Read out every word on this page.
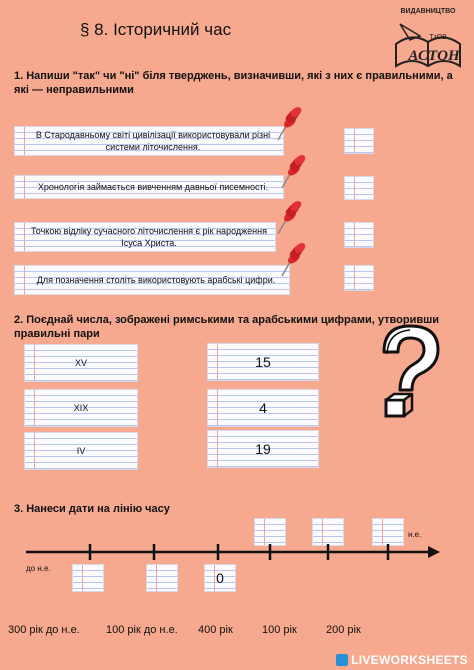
§ 8. Історичний час
ВИДАВНИЦТВО
ТзОВ
АСТОН
1. Напиши "так" чи "ні" біля тверджень, визначивши, які з них є правильними, а які — неправильними
В Стародавньому світі цивілізації використовували різні системи літочислення.
Хронологія займається вивченням давньої писемності.
Точкою відліку сучасного літочислення є рік народження Ісуса Христа.
Для позначення століть використовують арабські цифри.
2. Поєднай числа, зображені римськими та арабськими цифрами, утворивши правильні пари
XV
XIX
IV
15
4
19
3. Нанеси дати на лінію часу
н.е.
до н.е.
0
300 рік до н.е. 100 рік до н.е. 400 рік	100 рік	200 рік
LIVEWORKSHEETS
